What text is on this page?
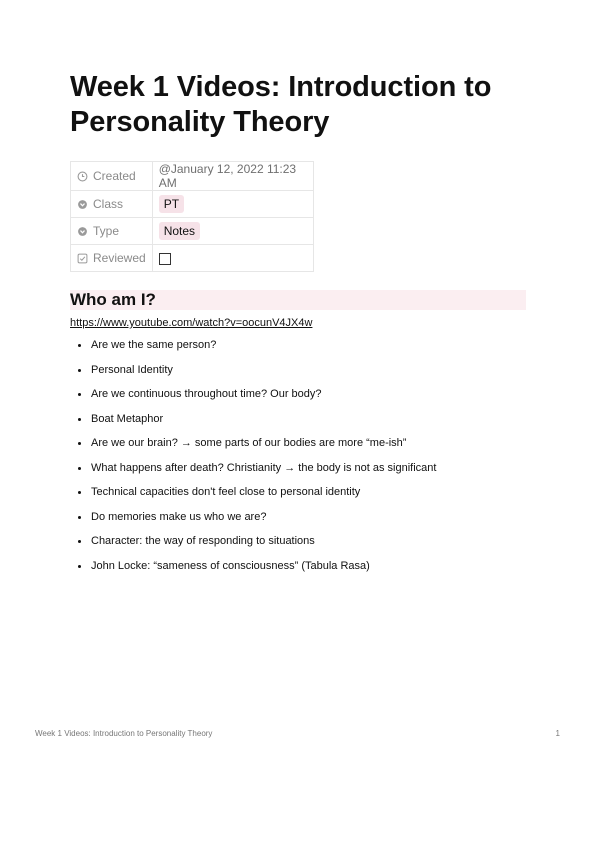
Week 1 Videos: Introduction to Personality Theory
Created	@January 12, 2022 11:23 AM

Class	PT

Type	Notes

Reviewed	

Who am I?
https://www.youtube.com/watch?v=oocunV4JX4w
Are we the same person?
Personal Identity
Are we continuous throughout time? Our body?
Boat Metaphor
Are we our brain? → some parts of our bodies are more “me-ish”
What happens after death? Christianity → the body is not as significant
Technical capacities don't feel close to personal identity
Do memories make us who we are?
Character: the way of responding to situations
John Locke: “sameness of consciousness” (Tabula Rasa)
Week 1 Videos: Introduction to Personality Theory	1
